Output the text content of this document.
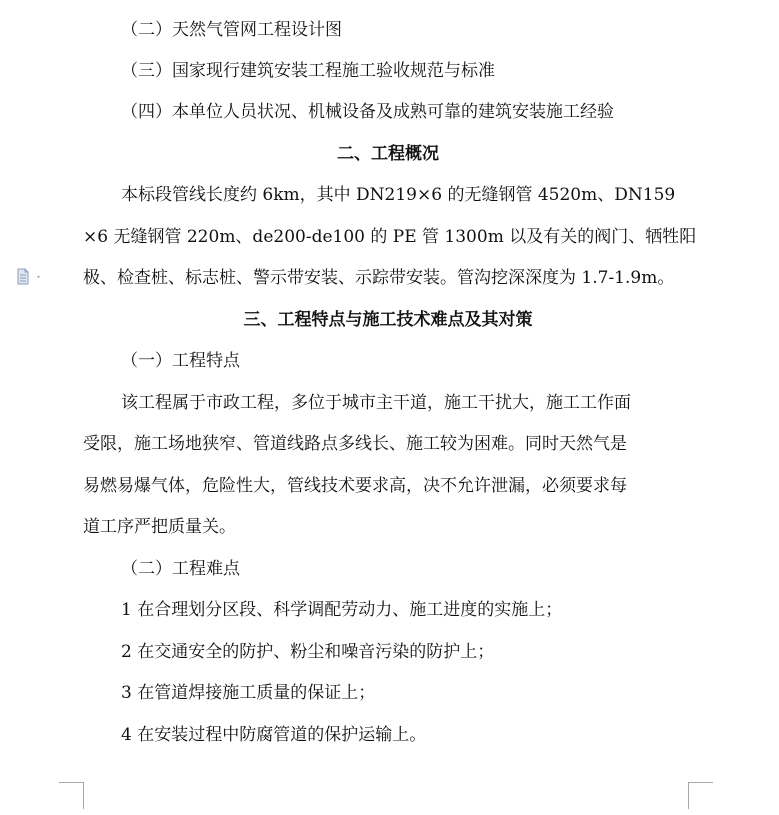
（二）天然气管网工程设计图
（三）国家现行建筑安装工程施工验收规范与标准
（四）本单位人员状况、机械设备及成熟可靠的建筑安装施工经验
二、工程概况
本标段管线长度约 6km，其中 DN219×6 的无缝钢管 4520m、DN159
×6 无缝钢管 220m、de200-de100 的 PE 管 1300m 以及有关的阀门、牺牲阳
极、检查桩、标志桩、警示带安装、示踪带安装。管沟挖深深度为 1.7-1.9m。
三、工程特点与施工技术难点及其对策
（一）工程特点
该工程属于市政工程，多位于城市主干道，施工干扰大，施工工作面
受限，施工场地狭窄、管道线路点多线长、施工较为困难。同时天然气是
易燃易爆气体，危险性大，管线技术要求高，决不允许泄漏，必须要求每
道工序严把质量关。
（二）工程难点
1 在合理划分区段、科学调配劳动力、施工进度的实施上；
2 在交通安全的防护、粉尘和噪音污染的防护上；
3 在管道焊接施工质量的保证上；
4 在安装过程中防腐管道的保护运输上。
